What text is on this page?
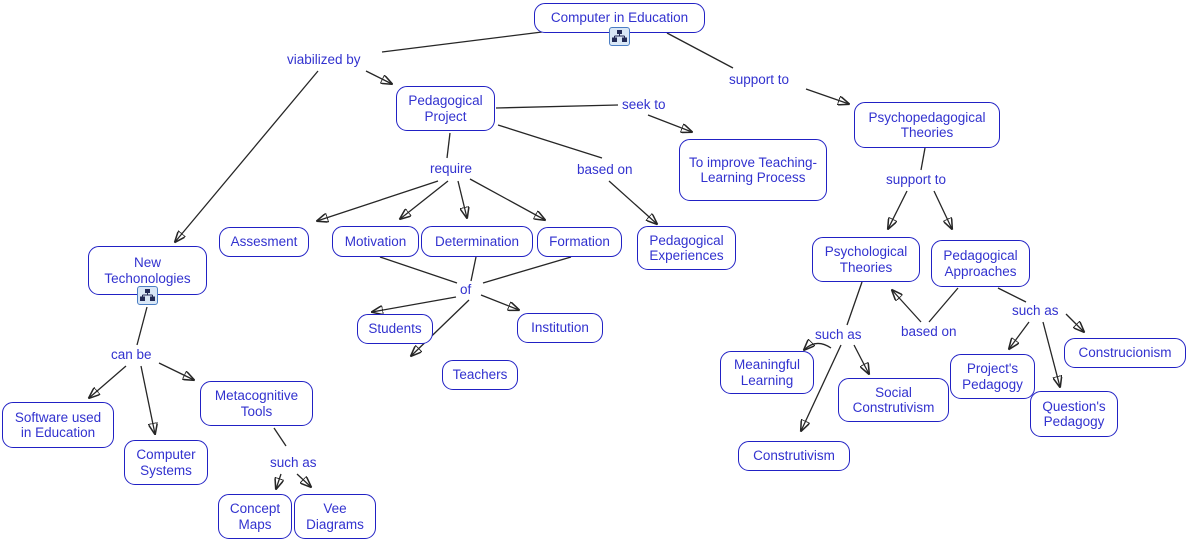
Computer in Education
Pedagogical Project
To improve Teaching-Learning Process
Psychopedagogical Theories
Assesment	Motivation Determination Formation	Pedagogical Experiences
New Techonologies
Psychological Theories
Pedagogical Approaches
Students	Institution
Teachers
Meaningful Learning
Social Construtivism
Construtivism
Construcionism
Project's Pedagogy
Question's Pedagogy
Software used in Education
Computer Systems
Metacognitive Tools
Concept Maps
Vee Diagrams
viabilized by
support to
seek to
require	based on
support to
of
can be
such as	based on
such as
such as
